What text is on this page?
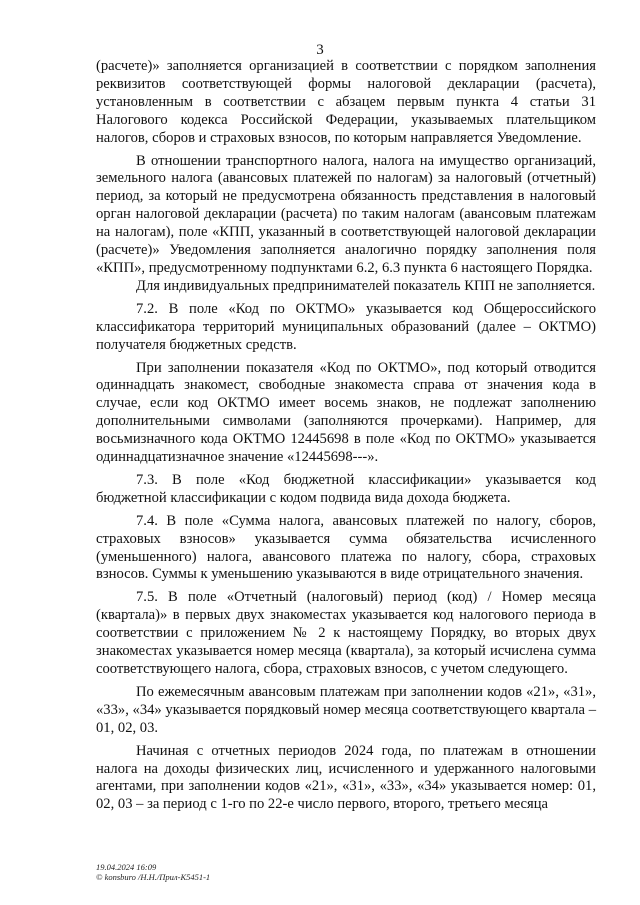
3

(расчете)» заполняется организацией в соответствии с порядком заполнения реквизитов соответствующей формы налоговой декларации (расчета), установленным в соответствии с абзацем первым пункта 4 статьи 31 Налогового кодекса Российской Федерации, указываемых плательщиком налогов, сборов и страховых взносов, по которым направляется Уведомление.

В отношении транспортного налога, налога на имущество организаций, земельного налога (авансовых платежей по налогам) за налоговый (отчетный) период, за который не предусмотрена обязанность представления в налоговый орган налоговой декларации (расчета) по таким налогам (авансовым платежам на налогам), поле «КПП, указанный в соответствующей налоговой декларации (расчете)» Уведомления заполняется аналогично порядку заполнения поля «КПП», предусмотренному подпунктами 6.2, 6.3 пункта 6 настоящего Порядка.

Для индивидуальных предпринимателей показатель КПП не заполняется.

7.2. В поле «Код по ОКТМО» указывается код Общероссийского классификатора территорий муниципальных образований (далее – ОКТМО) получателя бюджетных средств.

При заполнении показателя «Код по ОКТМО», под который отводится одиннадцать знакомест, свободные знакоместа справа от значения кода в случае, если код ОКТМО имеет восемь знаков, не подлежат заполнению дополнительными символами (заполняются прочерками). Например, для восьмизначного кода ОКТМО 12445698 в поле «Код по ОКТМО» указывается одиннадцатизначное значение «12445698---».

7.3. В поле «Код бюджетной классификации» указывается код бюджетной классификации с кодом подвида вида дохода бюджета.

7.4. В поле «Сумма налога, авансовых платежей по налогу, сборов, страховых взносов» указывается сумма обязательства исчисленного (уменьшенного) налога, авансового платежа по налогу, сбора, страховых взносов. Суммы к уменьшению указываются в виде отрицательного значения.

7.5. В поле «Отчетный (налоговый) период (код) / Номер месяца (квартала)» в первых двух знакоместах указывается код налогового периода в соответствии с приложением № 2 к настоящему Порядку, во вторых двух знакоместах указывается номер месяца (квартала), за который исчислена сумма соответствующего налога, сбора, страховых взносов, с учетом следующего.

По ежемесячным авансовым платежам при заполнении кодов «21», «31», «33», «34» указывается порядковый номер месяца соответствующего квартала – 01, 02, 03.

Начиная с отчетных периодов 2024 года, по платежам в отношении налога на доходы физических лиц, исчисленного и удержанного налоговыми агентами, при заполнении кодов «21», «31», «33», «34» указывается номер: 01, 02, 03 – за период с 1-го по 22-е число первого, второго, третьего месяца

19.04.2024 16:09
© konsburo /Н.Н./Прил-К5451-1
